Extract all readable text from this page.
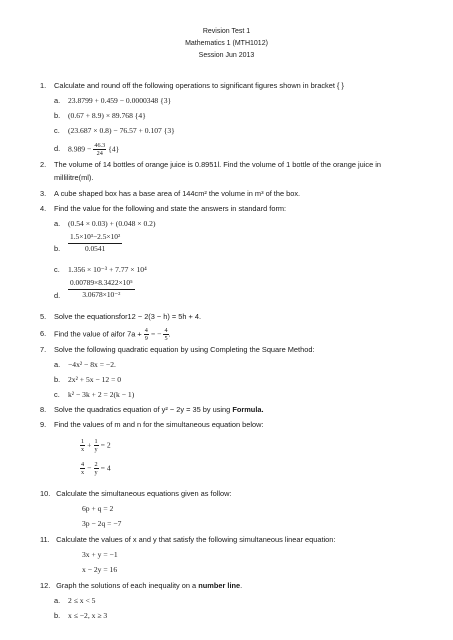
Revision Test 1
Mathematics 1 (MTH1012)
Session Jun 2013
1. Calculate and round off the following operations to significant figures shown in bracket { }
a. 23.8799 + 0.459 − 0.0000348 {3}
b. (0.67 + 8.9) × 89.768 {4}
c. (23.687 × 0.8) − 76.57 + 0.107 {3}
d. $8.989 - \frac{46.3}{24} \{4\}$
2. The volume of 14 bottles of orange juice is 0.8951l. Find the volume of 1 bottle of the orange juice in
millilitre(ml).
3. A cube shaped box has a base area of 144cm² the volume in m³ of the box.
4. Find the value for the following and state the answers in standard form:
a. (0.54 × 0.03) + (0.048 × 0.2)
b. $\frac{\text{1.5×10³−2.5×10²}}{0.0541}$
c. 1.356 × 10⁻³ + 7.77 × 10⁴
d. $\frac{\text{0.00789×8.3422×10⁵}}{\text{3.0678×10⁻²}}$
5. Solve the equationsfor12 − 2(3 − h) = 5h + 4.
6. Find the value of aifor $7a + \frac{4}{9}$ = − $\frac{4}{5}$ .
7. Solve the following quadratic equation by using Completing the Square Method:
a. −4x² − 8x = −2.
b. 2x² + 5x − 12 = 0
c. k² − 3k + 2 = 2(k − 1)
8. Solve the quadratics equation of y² − 2y = 35 by using Formula.
9. Find the values of m and n for the simultaneous equation below:
$\frac{1}{x} + \frac{1}{y} = 2$
$\frac{4}{x} - \frac{2}{y} = 4$
10. Calculate the simultaneous equations given as follow:
6p + q = 2
3p − 2q = −7
11. Calculate the values of x and y that satisfy the following simultaneous linear equation:
3x + y = −1
x − 2y = 16
12. Graph the solutions of each inequality on a number line.
a. 2 ≤ x < 5
b. x ≤ −2, x ≥ 3
